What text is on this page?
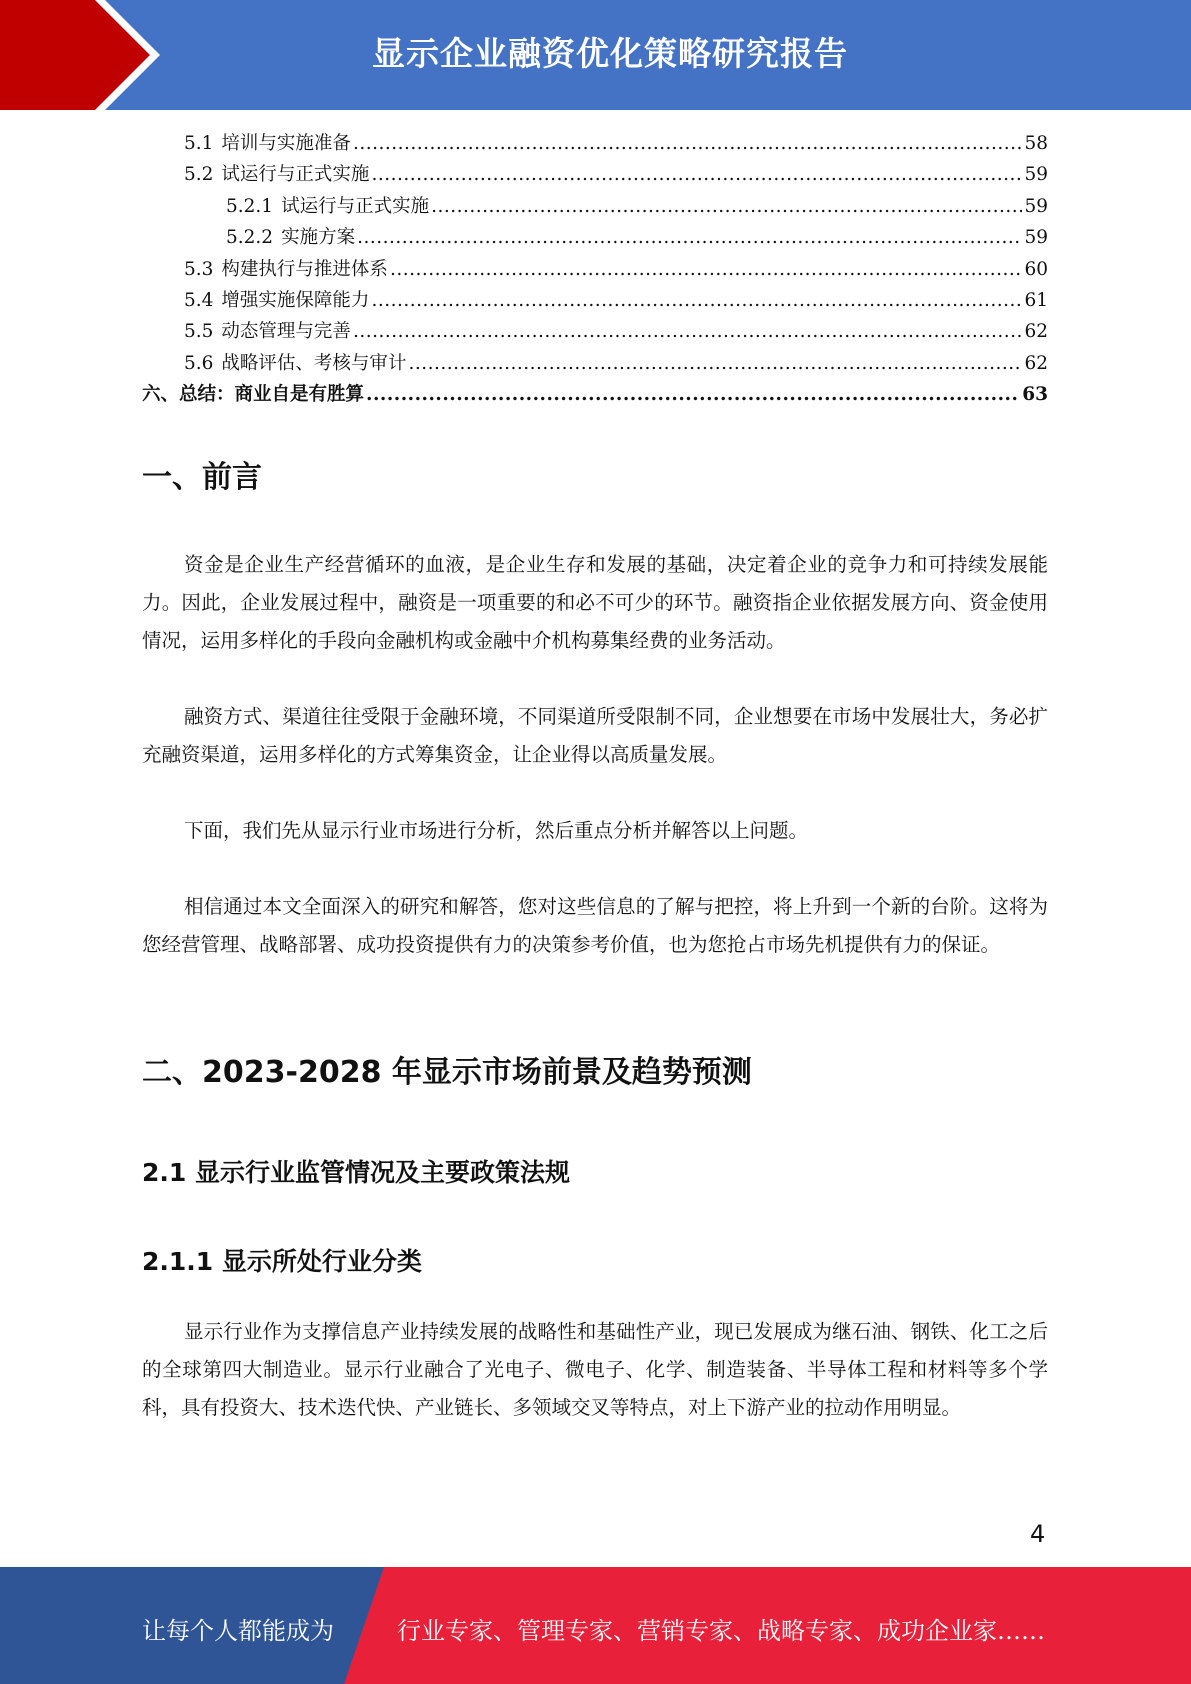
显示企业融资优化策略研究报告
5.1 培训与实施准备 .....	58
5.2 试运行与正式实施 .....	59
5.2.1 试运行与正式实施 .....	59
5.2.2 实施方案 .....	59
5.3 构建执行与推进体系 .....	60
5.4 增强实施保障能力 .....	61
5.5 动态管理与完善 .....	62
5.6 战略评估、考核与审计 .....	62
六、总结：商业自是有胜算 .....	63
一、前言

资金是企业生产经营循环的血液，是企业生存和发展的基础，决定着企业的竞争力和可持续发展能力。因此，企业发展过程中，融资是一项重要的和必不可少的环节。融资指企业依据发展方向、资金使用情况，运用多样化的手段向金融机构或金融中介机构募集经费的业务活动。

融资方式、渠道往往受限于金融环境，不同渠道所受限制不同，企业想要在市场中发展壮大，务必扩充融资渠道，运用多样化的方式筹集资金，让企业得以高质量发展。

下面，我们先从显示行业市场进行分析，然后重点分析并解答以上问题。

相信通过本文全面深入的研究和解答，您对这些信息的了解与把控，将上升到一个新的台阶。这将为您经营管理、战略部署、成功投资提供有力的决策参考价值，也为您抢占市场先机提供有力的保证。

二、2023-2028 年显示市场前景及趋势预测
2.1 显示行业监管情况及主要政策法规
2.1.1 显示所处行业分类

显示行业作为支撑信息产业持续发展的战略性和基础性产业，现已发展成为继石油、钢铁、化工之后的全球第四大制造业。显示行业融合了光电子、微电子、化学、制造装备、半导体工程和材料等多个学科，具有投资大、技术迭代快、产业链长、多领域交叉等特点，对上下游产业的拉动作用明显。

4
让每个人都能成为	行业专家、管理专家、营销专家、战略专家、成功企业家……
